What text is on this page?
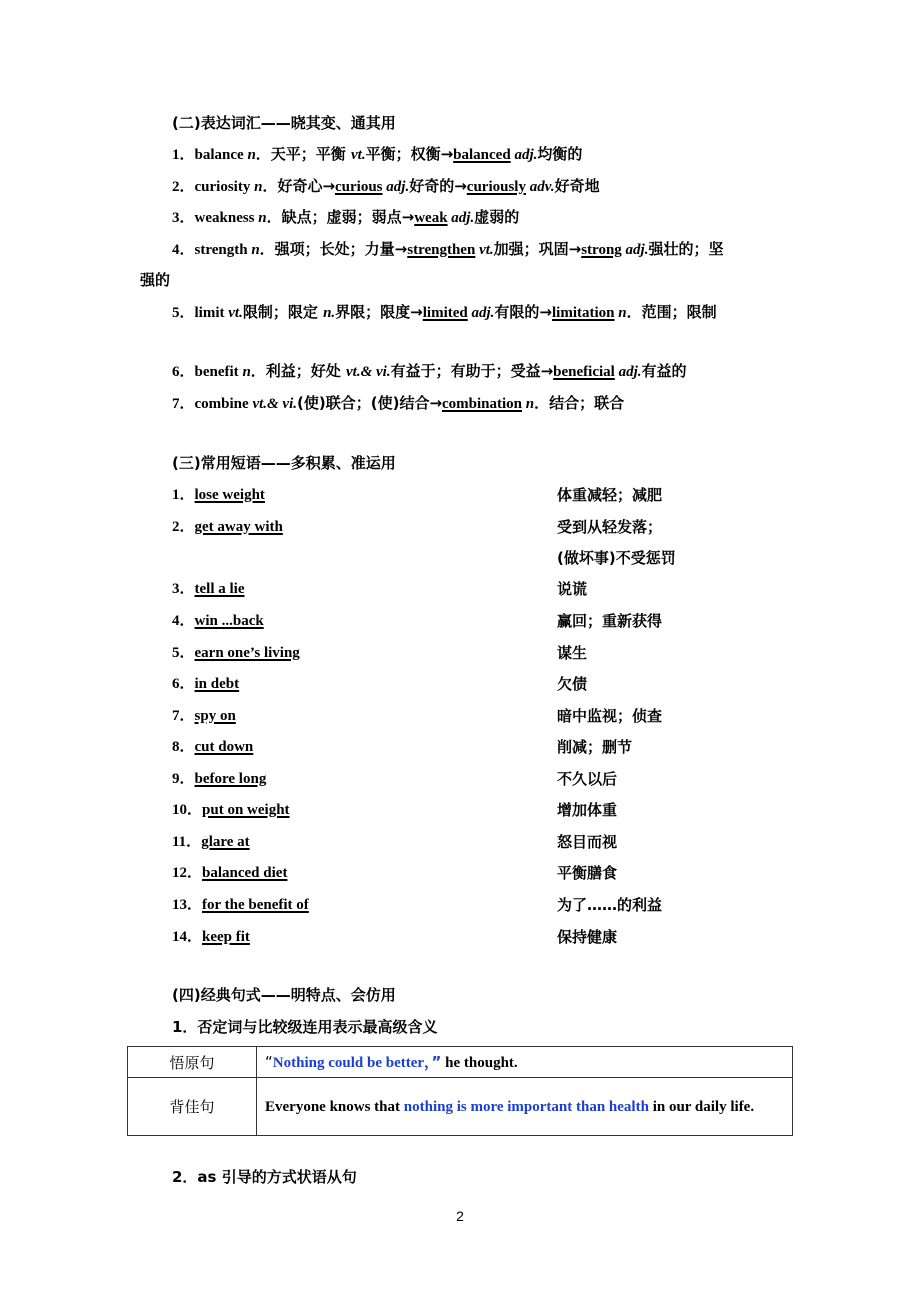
(二)表达词汇——晓其变、通其用
1．balance n．天平；平衡 vt.平衡；权衡→balanced adj.均衡的
2．curiosity n．好奇心→curious adj.好奇的→curiously adv.好奇地
3．weakness n．缺点；虚弱；弱点→weak adj.虚弱的
4．strength n．强项；长处；力量→strengthen vt.加强；巩固→strong adj.强壮的；坚
强的
5．limit vt.限制；限定 n.界限；限度→limited adj.有限的→limitation n．范围；限制
6．benefit n．利益；好处 vt.& vi.有益于；有助于；受益→beneficial adj.有益的
7．combine vt.& vi.(使)联合；(使)结合→combination n．结合；联合
(三)常用短语——多积累、准运用
1．lose weight	体重减轻；减肥
2．get away with	受到从轻发落；
(做坏事)不受惩罚
3．tell a lie	说谎
4．win ...back	赢回；重新获得
5．earn one’s living	谋生
6．in debt	欠债
7．spy on	暗中监视；侦查
8．cut down	削减；删节
9．before long	不久以后
10．put on weight	增加体重
11．glare at	怒目而视
12．balanced diet	平衡膳食
13．for the benefit of	为了……的利益
14．keep fit	保持健康
(四)经典句式——明特点、会仿用
1．否定词与比较级连用表示最高级含义
悟原句	“Nothing could be better，” he thought.
背佳句	Everyone knows that nothing is more important than health in our daily life.
2．as 引导的方式状语从句
2
